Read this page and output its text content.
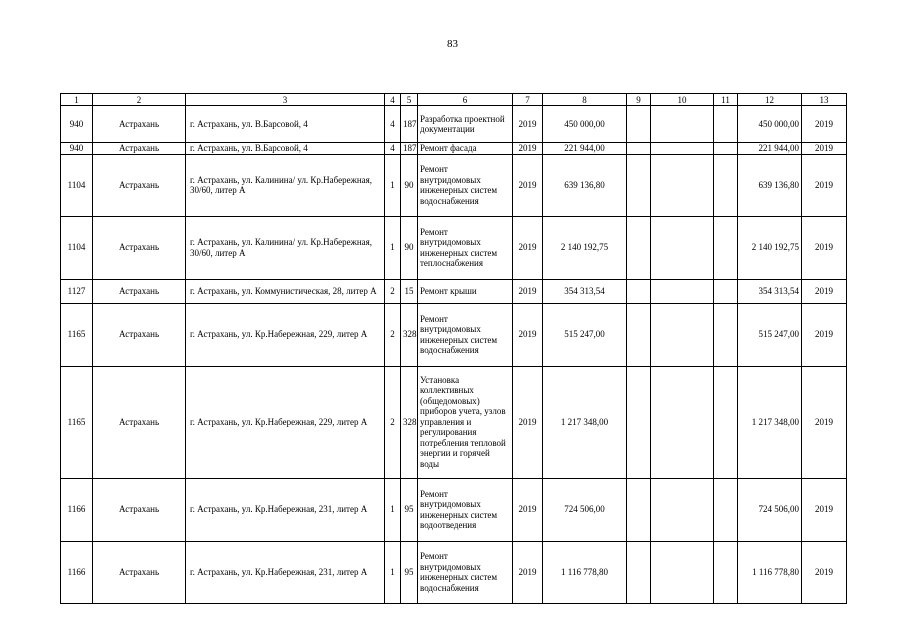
83
1	2	3	4	5	6	7	8	9	10	11	12	13
940	Астрахань	г. Астрахань, ул. В.Барсовой, 4	4	187	Разработка проектной документации	2019	450 000,00				450 000,00	2019
940	Астрахань	г. Астрахань, ул. В.Барсовой, 4	4	187	Ремонт фасада	2019	221 944,00				221 944,00	2019
1104	Астрахань	г. Астрахань, ул. Калинина/ ул. Кр.Набережная, 30/60, литер А	1	90	Ремонт внутридомовых инженерных систем водоснабжения	2019	639 136,80				639 136,80	2019
1104	Астрахань	г. Астрахань, ул. Калинина/ ул. Кр.Набережная, 30/60, литер А	1	90	Ремонт внутридомовых инженерных систем теплоснабжения	2019	2 140 192,75				2 140 192,75	2019
1127	Астрахань	г. Астрахань, ул. Коммунистическая, 28, литер А	2	15	Ремонт крыши	2019	354 313,54				354 313,54	2019
1165	Астрахань	г. Астрахань, ул. Кр.Набережная, 229, литер А	2	328	Ремонт внутридомовых инженерных систем водоснабжения	2019	515 247,00				515 247,00	2019
1165	Астрахань	г. Астрахань, ул. Кр.Набережная, 229, литер А	2	328	Установка коллективных (общедомовых) приборов учета, узлов управления и регулирования потребления тепловой энергии и горячей воды	2019	1 217 348,00				1 217 348,00	2019
1166	Астрахань	г. Астрахань, ул. Кр.Набережная, 231, литер А	1	95	Ремонт внутридомовых инженерных систем водоотведения	2019	724 506,00				724 506,00	2019
1166	Астрахань	г. Астрахань, ул. Кр.Набережная, 231, литер А	1	95	Ремонт внутридомовых инженерных систем водоснабжения	2019	1 116 778,80				1 116 778,80	2019
